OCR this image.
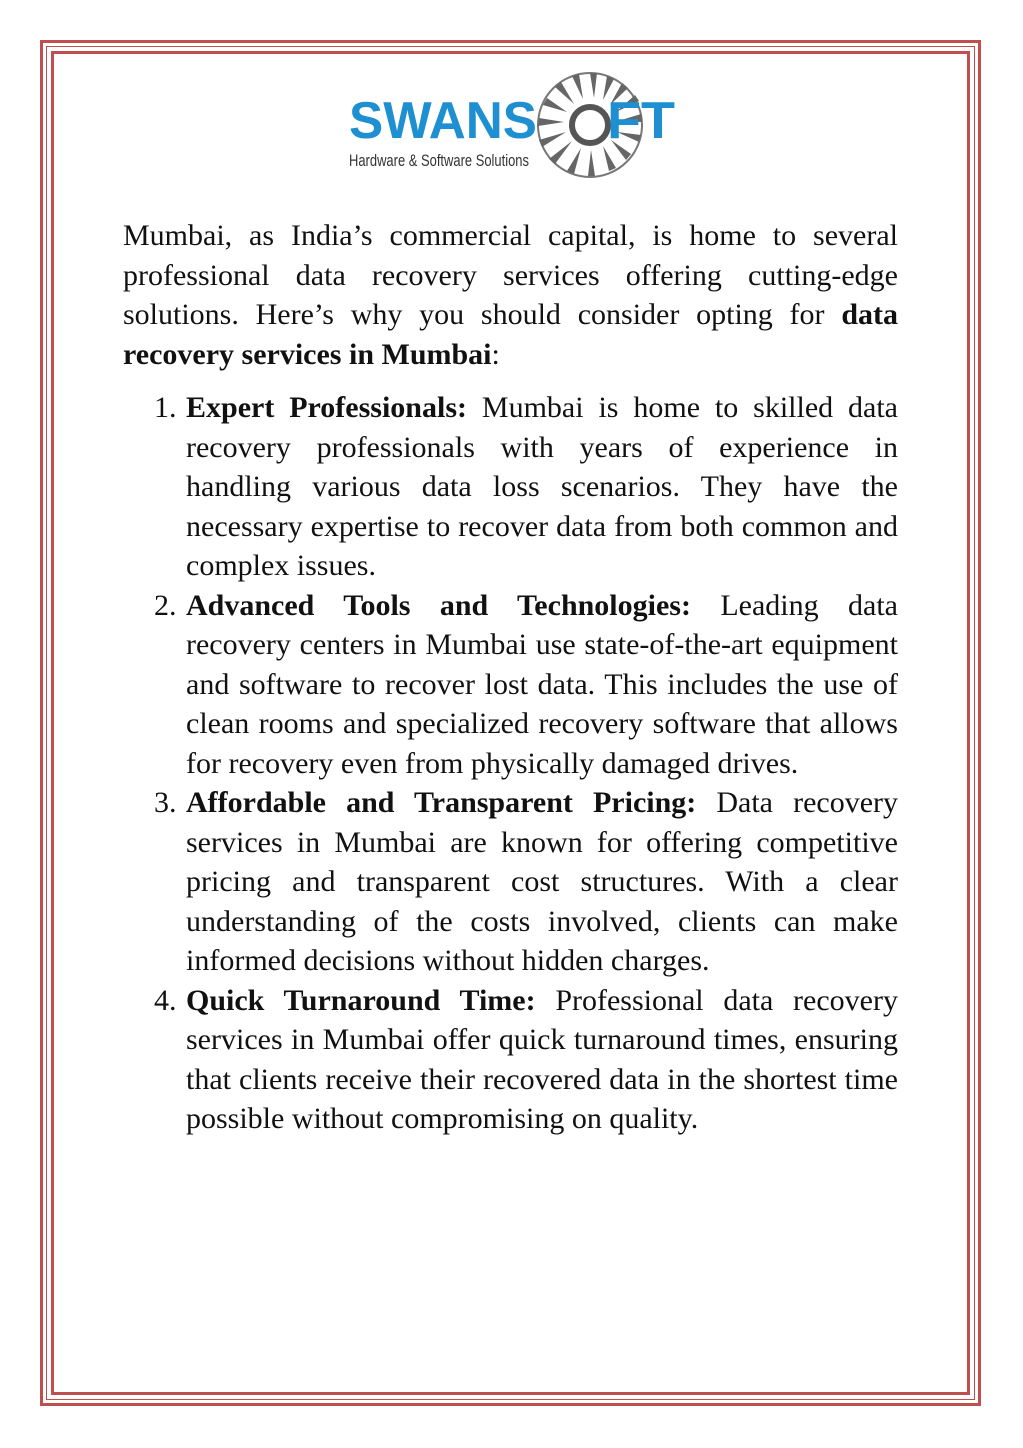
SWANS FT
Hardware & Software Solutions

Mumbai, as India’s commercial capital, is home to several professional data recovery services offering cutting-edge solutions. Here’s why you should consider opting for data recovery services in Mumbai:

1. Expert Professionals: Mumbai is home to skilled data recovery professionals with years of experience in handling various data loss scenarios. They have the necessary expertise to recover data from both common and complex issues.
2. Advanced Tools and Technologies: Leading data recovery centers in Mumbai use state-of-the-art equipment and software to recover lost data. This includes the use of clean rooms and specialized recovery software that allows for recovery even from physically damaged drives.
3. Affordable and Transparent Pricing: Data recovery services in Mumbai are known for offering competitive pricing and transparent cost structures. With a clear understanding of the costs involved, clients can make informed decisions without hidden charges.
4. Quick Turnaround Time: Professional data recovery services in Mumbai offer quick turnaround times, ensuring that clients receive their recovered data in the shortest time possible without compromising on quality.
